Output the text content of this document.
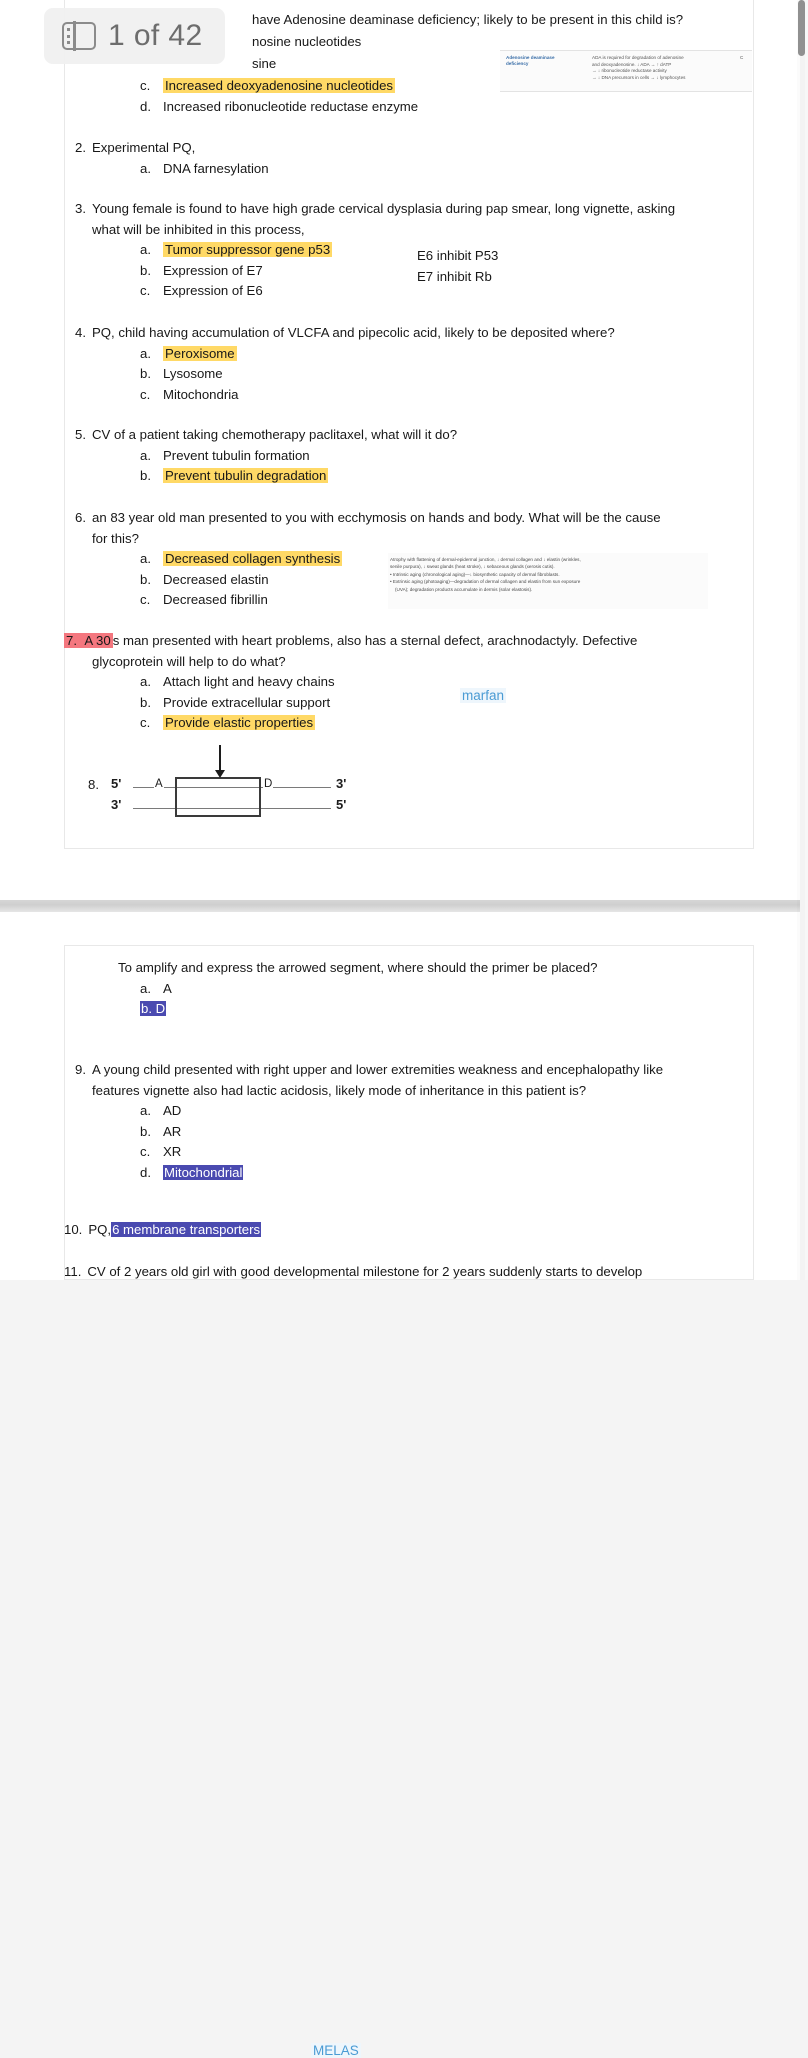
have Adenosine deaminase deficiency; likely to be present in this child is?
nosine nucleotides
sine
c. Increased deoxyadenosine nucleotides
d. Increased ribonucleotide reductase enzyme
Adenosine deaminase
deficiency
ADA is required for degradation of adenosine
and deoxyadenosine. ↓ ADA → ↑ dATP
→ ↓ ribonucleotide reductase activity
→ ↓ DNA precursors in cells → ↓ lymphocytes
C
2. Experimental PQ,
a. DNA farnesylation
3. Young female is found to have high grade cervical dysplasia during pap smear, long vignette, asking
what will be inhibited in this process,
a. Tumor suppressor gene p53
b. Expression of E7
c. Expression of E6
E6 inhibit P53
E7 inhibit Rb
4. PQ, child having accumulation of VLCFA and pipecolic acid, likely to be deposited where?
a. Peroxisome
b. Lysosome
c. Mitochondria
5. CV of a patient taking chemotherapy paclitaxel, what will it do?
a. Prevent tubulin formation
b. Prevent tubulin degradation
6. an 83 year old man presented to you with ecchymosis on hands and body. What will be the cause
for this?
a. Decreased collagen synthesis
b. Decreased elastin
c. Decreased fibrillin

Atrophy with flattening of dermal-epidermal junction, ↓ dermal collagen and ↓ elastin (wrinkles,

senile purpura), ↓ sweat glands (heat stroke), ↓ sebaceous glands (xerosis cutis).

• Intrinsic aging (chronological aging)—↓ biosynthetic capacity of dermal fibroblasts.

• Extrinsic aging (photoaging)—degradation of dermal collagen and elastin from sun exposure

(UVA); degradation products accumulate in dermis (solar elastosis).

7. A 30 s man presented with heart problems, also has a sternal defect, arachnodactyly. Defective
glycoprotein will help to do what?
a. Attach light and heavy chains
b. Provide extracellular support
c. Provide elastic properties
marfan
8. 5'
3'
3'
5'
A	D
To amplify and express the arrowed segment, where should the primer be placed?
a. A
b. D
9. A young child presented with right upper and lower extremities weakness and encephalopathy like
features vignette also had lactic acidosis, likely mode of inheritance in this patient is?
a. AD
b. AR
c. XR
d. Mitochondrial
MELAS
10. PQ,6 membrane transporters
11. CV of 2 years old girl with good developmental milestone for 2 years suddenly starts to develop
1 of 42
